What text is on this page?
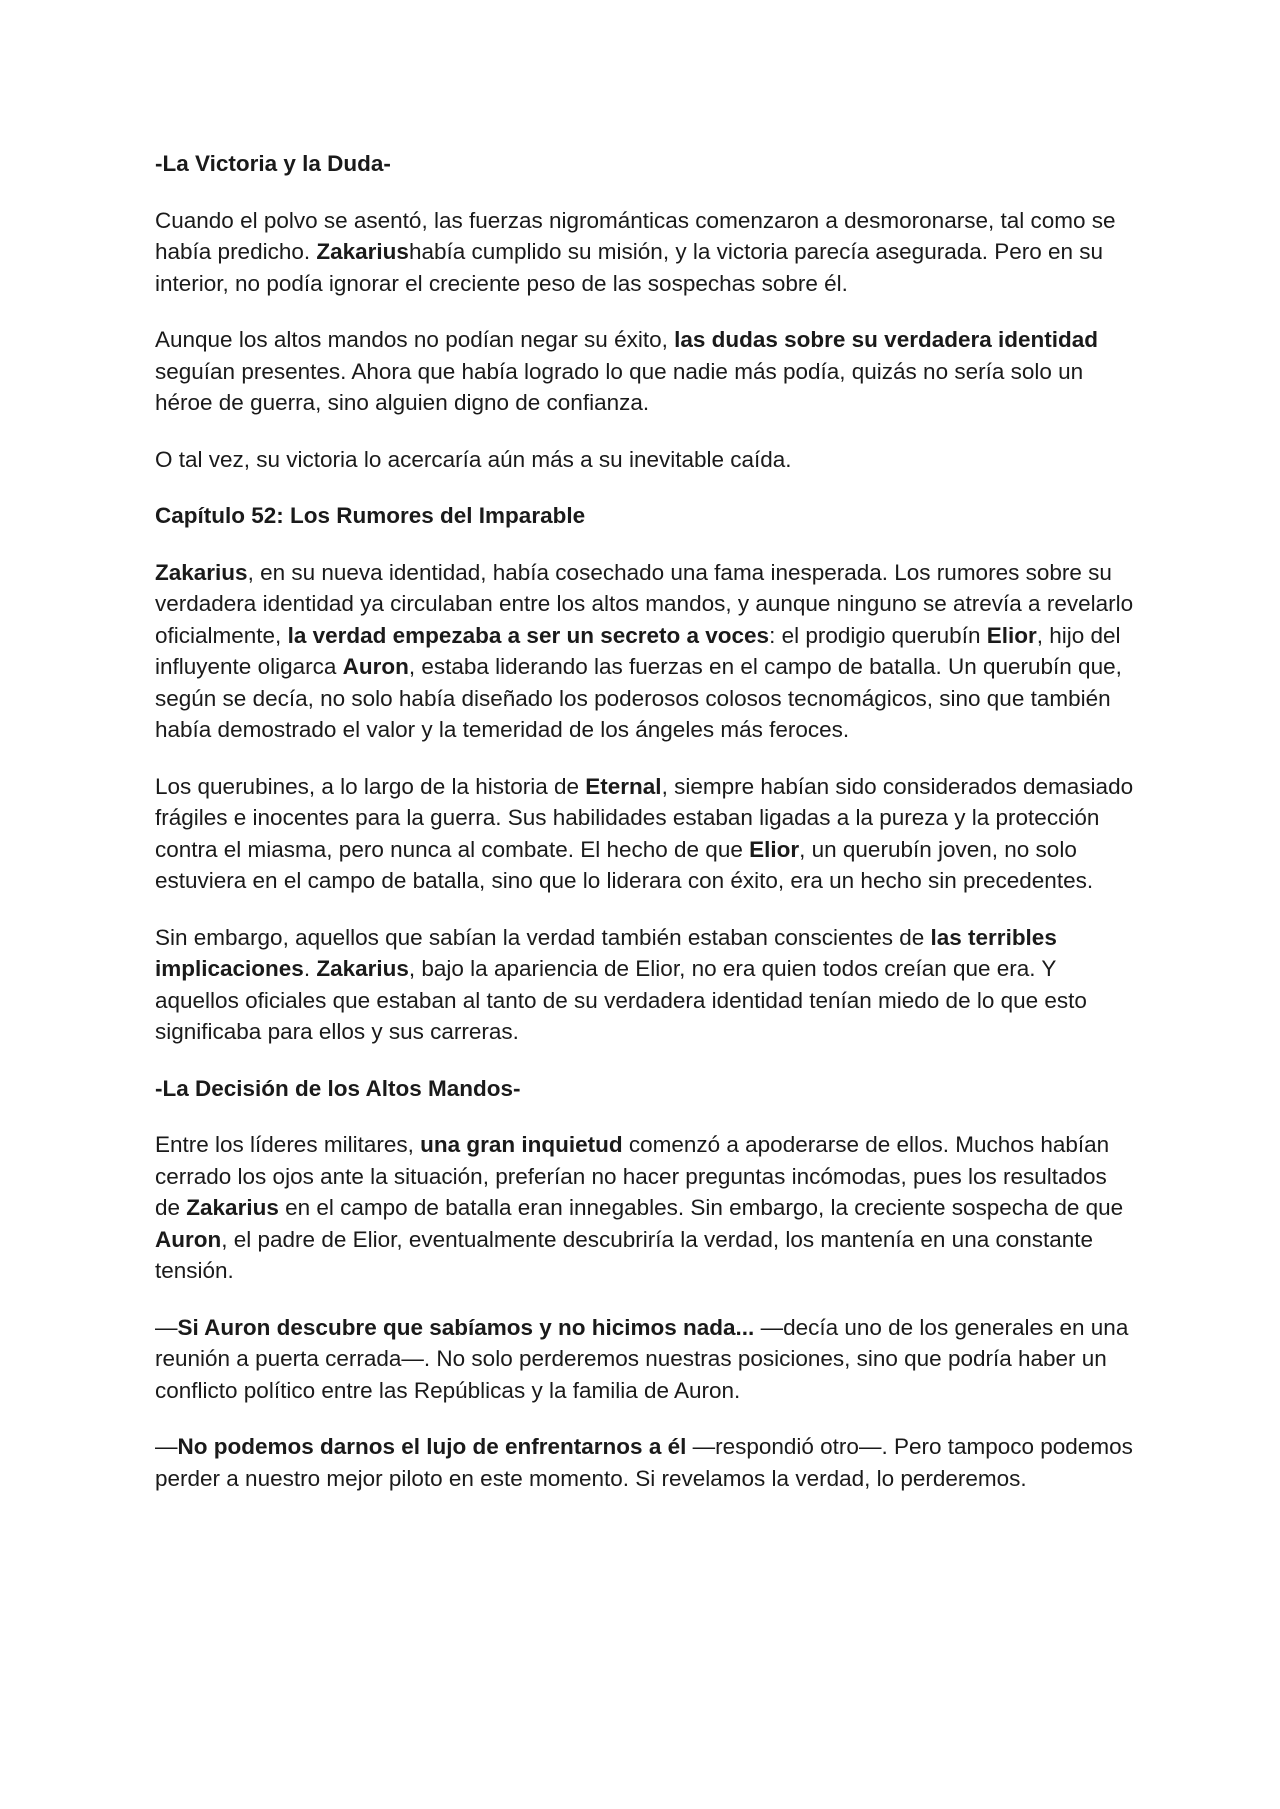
-La Victoria y la Duda-

Cuando el polvo se asentó, las fuerzas nigrománticas comenzaron a desmoronarse, tal como se había predicho. Zakariushabía cumplido su misión, y la victoria parecía asegurada. Pero en su interior, no podía ignorar el creciente peso de las sospechas sobre él.

Aunque los altos mandos no podían negar su éxito, las dudas sobre su verdadera identidad seguían presentes. Ahora que había logrado lo que nadie más podía, quizás no sería solo un héroe de guerra, sino alguien digno de confianza.

O tal vez, su victoria lo acercaría aún más a su inevitable caída.

Capítulo 52: Los Rumores del Imparable

Zakarius, en su nueva identidad, había cosechado una fama inesperada. Los rumores sobre su verdadera identidad ya circulaban entre los altos mandos, y aunque ninguno se atrevía a revelarlo oficialmente, la verdad empezaba a ser un secreto a voces: el prodigio querubín Elior, hijo del influyente oligarca Auron, estaba liderando las fuerzas en el campo de batalla. Un querubín que, según se decía, no solo había diseñado los poderosos colosos tecnomágicos, sino que también había demostrado el valor y la temeridad de los ángeles más feroces.

Los querubines, a lo largo de la historia de Eternal, siempre habían sido considerados demasiado frágiles e inocentes para la guerra. Sus habilidades estaban ligadas a la pureza y la protección contra el miasma, pero nunca al combate. El hecho de que Elior, un querubín joven, no solo estuviera en el campo de batalla, sino que lo liderara con éxito, era un hecho sin precedentes.

Sin embargo, aquellos que sabían la verdad también estaban conscientes de las terribles implicaciones. Zakarius, bajo la apariencia de Elior, no era quien todos creían que era. Y aquellos oficiales que estaban al tanto de su verdadera identidad tenían miedo de lo que esto significaba para ellos y sus carreras.

-La Decisión de los Altos Mandos-

Entre los líderes militares, una gran inquietud comenzó a apoderarse de ellos. Muchos habían cerrado los ojos ante la situación, preferían no hacer preguntas incómodas, pues los resultados de Zakarius en el campo de batalla eran innegables. Sin embargo, la creciente sospecha de que Auron, el padre de Elior, eventualmente descubriría la verdad, los mantenía en una constante tensión.

—Si Auron descubre que sabíamos y no hicimos nada... —decía uno de los generales en una reunión a puerta cerrada—. No solo perderemos nuestras posiciones, sino que podría haber un conflicto político entre las Repúblicas y la familia de Auron.

—No podemos darnos el lujo de enfrentarnos a él —respondió otro—. Pero tampoco podemos perder a nuestro mejor piloto en este momento. Si revelamos la verdad, lo perderemos.
